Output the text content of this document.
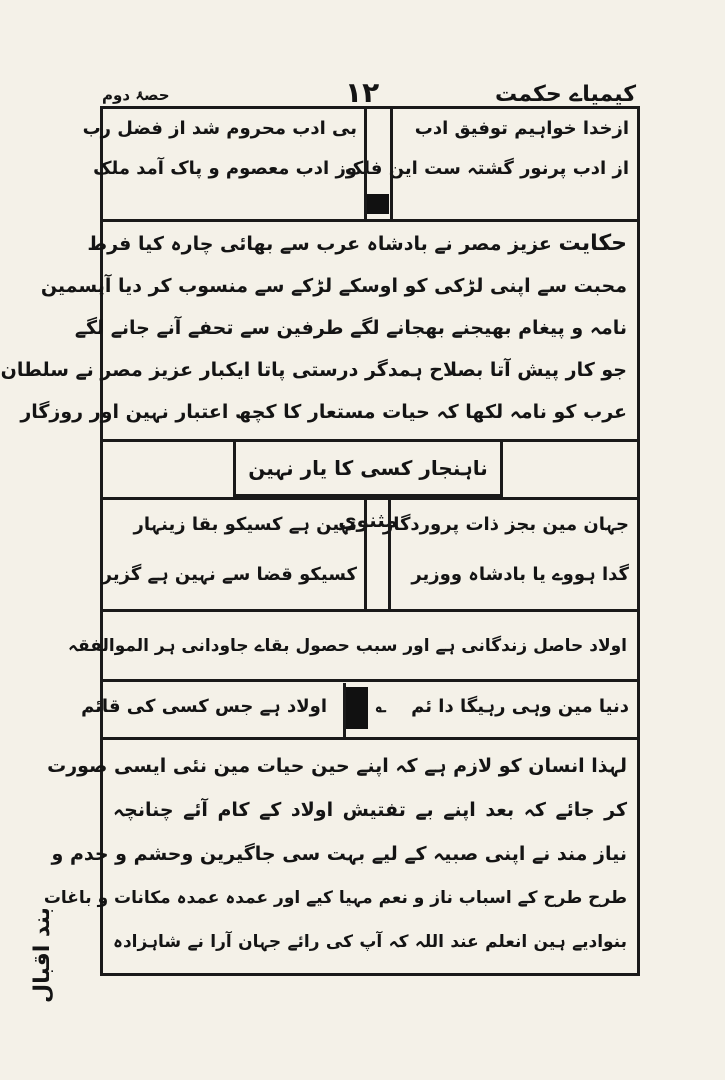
کیمیاے حکمت
۱۲
حصۂ دوم
ازخدا خواہیم توفیق ادب
از ادب پرنور گشتہ ست این فلک
بی ادب محروم شد از فضل رب
وز ادب معصوم و پاک آمد ملک
حکایت عزیز مصر نے بادشاہ عرب سے بھائی چارہ کیا فرط
محبت سے اپنی لڑکی کو اوسکے لڑکے سے منسوب کر دیا آپسمین
نامہ و پیغام بھیجنے بھجانے لگے طرفین سے تحفے آنے جانے لگے
جو کار پیش آتا بصلاح ہمدگر درستی پاتا ایکبار عزیز مصر نے سلطان
عرب کو نامہ لکھا کہ حیات مستعار کا کچھ اعتبار نہین اور روزگار
ناہنجار کسی کا یار نہین مثنوی
جہان مین بجز ذات پروردگار
گدا ہووے یا بادشاہ ووزیر
نہین ہے کسیکو بقا زینہار
کسیکو قضا سے نہین ہے گزیر
اولاد حاصل زندگانی ہے اور سبب حصول بقاے جاودانی ہر الموالفقہ
دنیا مین وہی رہیگا دا ئم
؎
اولاد ہے جس کسی کی قائم
لہذا انسان کو لازم ہے کہ اپنے حین حیات مین نئی ایسی صورت
کر جائے کہ بعد اپنے بے تفتیش اولاد کے کام آئے چنانچہ
نیاز مند نے اپنی صبیہ کے لیے بہت سی جاگیرین وحشم و خدم و
طرح طرح کے اسباب ناز و نعم مہیا کیے اور عمدہ عمدہ مکانات و باغات
بنوادیے ہین انعلم عند اللہ کہ آپ کی رائے جہان آرا نے شاہزادہ
بند اقبال
